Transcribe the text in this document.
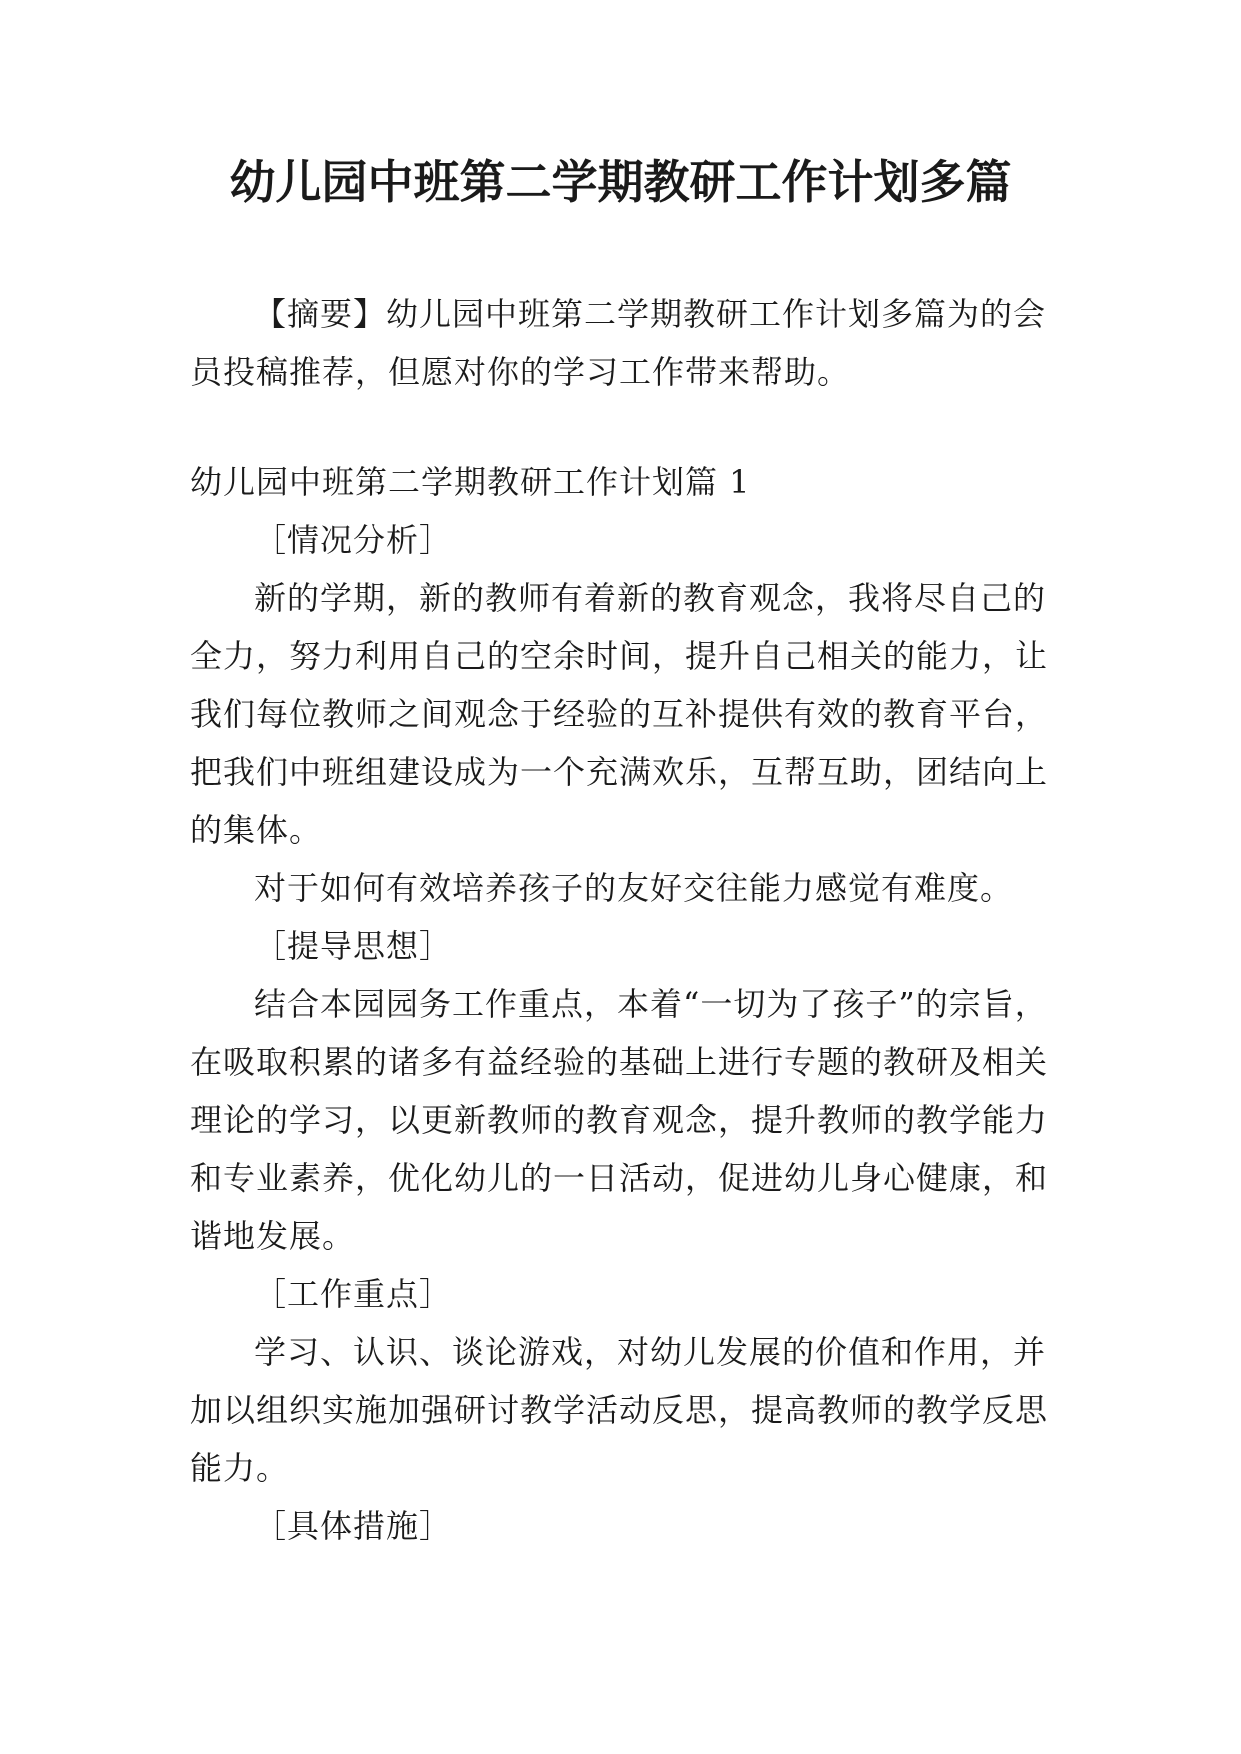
幼儿园中班第二学期教研工作计划多篇

【摘要】幼儿园中班第二学期教研工作计划多篇为的会员投稿推荐，但愿对你的学习工作带来帮助。

幼儿园中班第二学期教研工作计划篇 1

［情况分析］

新的学期，新的教师有着新的教育观念，我将尽自己的全力，努力利用自己的空余时间，提升自己相关的能力，让我们每位教师之间观念于经验的互补提供有效的教育平台，把我们中班组建设成为一个充满欢乐，互帮互助，团结向上的集体。

对于如何有效培养孩子的友好交往能力感觉有难度。

［提导思想］

结合本园园务工作重点，本着“一切为了孩子”的宗旨，在吸取积累的诸多有益经验的基础上进行专题的教研及相关理论的学习，以更新教师的教育观念，提升教师的教学能力和专业素养，优化幼儿的一日活动，促进幼儿身心健康，和谐地发展。

［工作重点］

学习、认识、谈论游戏，对幼儿发展的价值和作用，并加以组织实施加强研讨教学活动反思，提高教师的教学反思能力。

［具体措施］
